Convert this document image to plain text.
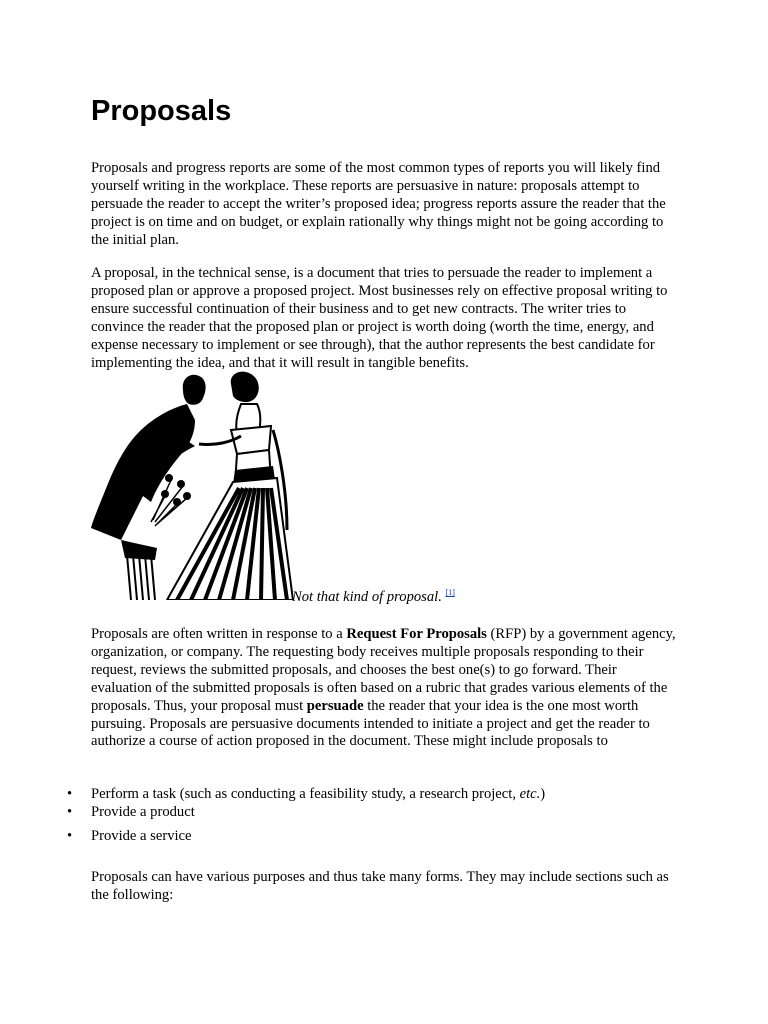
Proposals

Proposals and progress reports are some of the most common types of reports you will likely find yourself writing in the workplace. These reports are persuasive in nature: proposals attempt to persuade the reader to accept the writer’s proposed idea; progress reports assure the reader that the project is on time and on budget, or explain rationally why things might not be going according to the initial plan.

A proposal, in the technical sense, is a document that tries to persuade the reader to implement a proposed plan or approve a proposed project. Most businesses rely on effective proposal writing to ensure successful continuation of their business and to get new contracts. The writer tries to convince the reader that the proposed plan or project is worth doing (worth the time, energy, and expense necessary to implement or see through), that the author represents the best candidate for implementing the idea, and that it will result in tangible benefits.

Not that kind of proposal. [1]

Proposals are often written in response to a Request For Proposals (RFP) by a government agency, organization, or company. The requesting body receives multiple proposals responding to their request, reviews the submitted proposals, and chooses the best one(s) to go forward. Their evaluation of the submitted proposals is often based on a rubric that grades various elements of the proposals. Thus, your proposal must persuade the reader that your idea is the one most worth pursuing. Proposals are persuasive documents intended to initiate a project and get the reader to authorize a course of action proposed in the document. These might include proposals to

• Perform a task (such as conducting a feasibility study, a research project, etc.)
• Provide a product
• Provide a service

Proposals can have various purposes and thus take many forms. They may include sections such as the following:
